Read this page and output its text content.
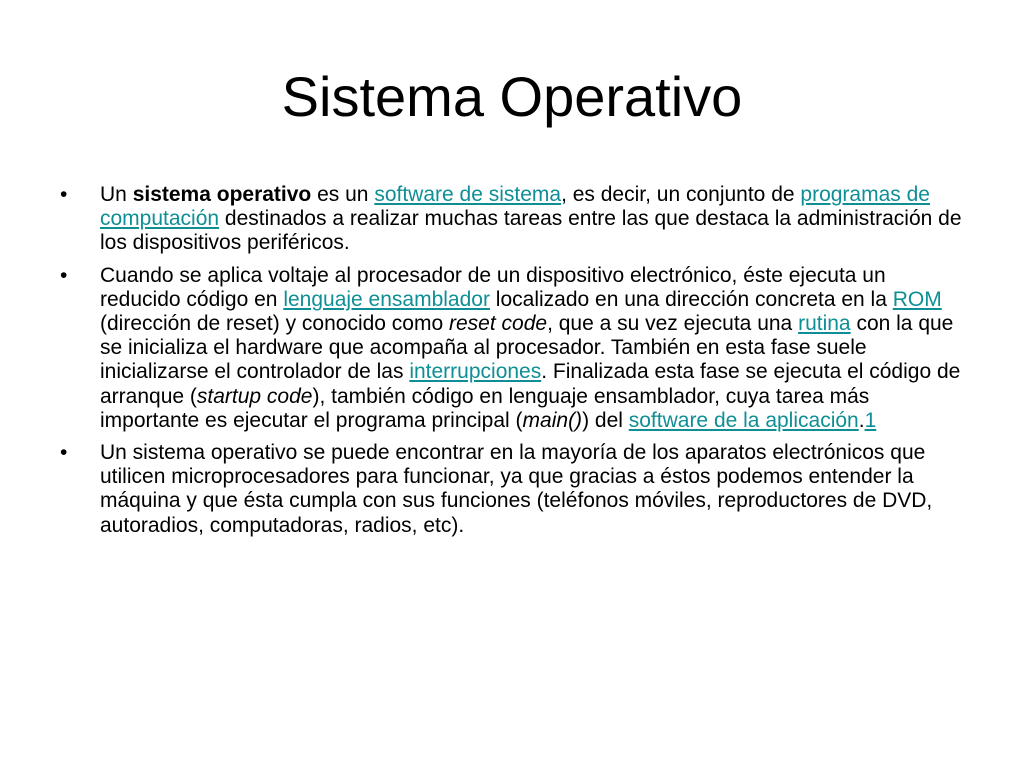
Sistema Operativo
• Un sistema operativo es un software de sistema, es decir, un conjunto de programas de computación destinados a realizar muchas tareas entre las que destaca la administración de los dispositivos periféricos.
• Cuando se aplica voltaje al procesador de un dispositivo electrónico, éste ejecuta un reducido código en lenguaje ensamblador localizado en una dirección concreta en la ROM (dirección de reset) y conocido como reset code, que a su vez ejecuta una rutina con la que se inicializa el hardware que acompaña al procesador. También en esta fase suele inicializarse el controlador de las interrupciones. Finalizada esta fase se ejecuta el código de arranque (startup code), también código en lenguaje ensamblador, cuya tarea más importante es ejecutar el programa principal (main()) del software de la aplicación.1
• Un sistema operativo se puede encontrar en la mayoría de los aparatos electrónicos que utilicen microprocesadores para funcionar, ya que gracias a éstos podemos entender la máquina y que ésta cumpla con sus funciones (teléfonos móviles, reproductores de DVD, autoradios, computadoras, radios, etc).
